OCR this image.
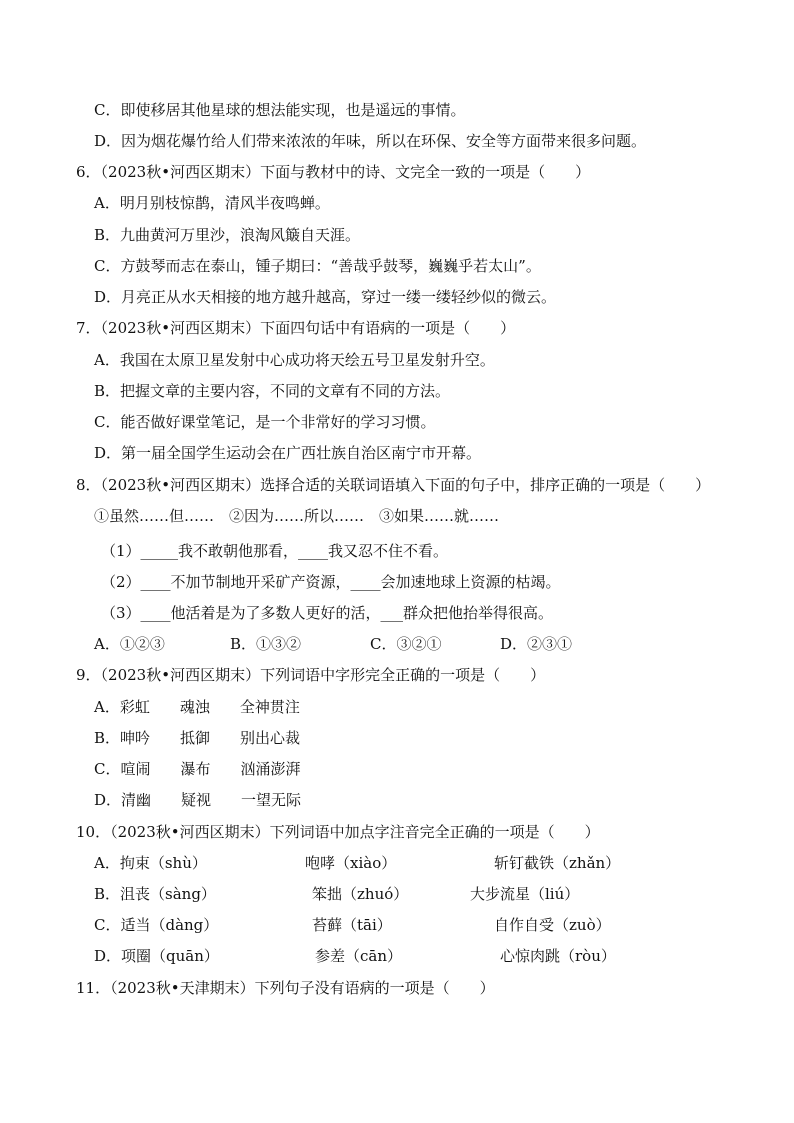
C．即使移居其他星球的想法能实现，也是遥远的事情。
D．因为烟花爆竹给人们带来浓浓的年味，所以在环保、安全等方面带来很多问题。
6．（2023秋•河西区期末）下面与教材中的诗、文完全一致的一项是（　　）
A．明月别枝惊鹊，清风半夜鸣蝉。
B．九曲黄河万里沙，浪淘风簸自天涯。
C．方鼓琴而志在泰山，锺子期曰：“善哉乎鼓琴，巍巍乎若太山”。
D．月亮正从水天相接的地方越升越高，穿过一缕一缕轻纱似的微云。
7．（2023秋•河西区期末）下面四句话中有语病的一项是（　　）
A．我国在太原卫星发射中心成功将天绘五号卫星发射升空。
B．把握文章的主要内容，不同的文章有不同的方法。
C．能否做好课堂笔记，是一个非常好的学习习惯。
D．第一届全国学生运动会在广西壮族自治区南宁市开幕。
8．（2023秋•河西区期末）选择合适的关联词语填入下面的句子中，排序正确的一项是（　　）
①虽然……但……　②因为……所以……　③如果……就……
（1）_____我不敢朝他那看，____我又忍不住不看。
（2）____不加节制地开采矿产资源，____会加速地球上资源的枯竭。
（3）____他活着是为了多数人更好的活，___群众把他抬举得很高。
A．①②③	B．①③②	C．③②①	D．②③①
9．（2023秋•河西区期末）下列词语中字形完全正确的一项是（　　）
A．彩虹　　魂浊　　全神贯注
B．呻吟　　抵御　　别出心裁
C．喧闹　　瀑布　　汹涌澎湃
D．清幽　　疑视　　一望无际
10．（2023秋•河西区期末）下列词语中加点字注音完全正确的一项是（　　）
A．拘束（shù）	咆哮（xiào）	斩钉截铁（zhǎn）
B．沮丧（sàng）	笨拙（zhuó）	大步流星（liú）
C．适当（dàng）	苔藓（tāi）	自作自受（zuò）
D．项圈（quān）	参差（cān）	心惊肉跳（ròu）
11．（2023秋•天津期末）下列句子没有语病的一项是（　　）
